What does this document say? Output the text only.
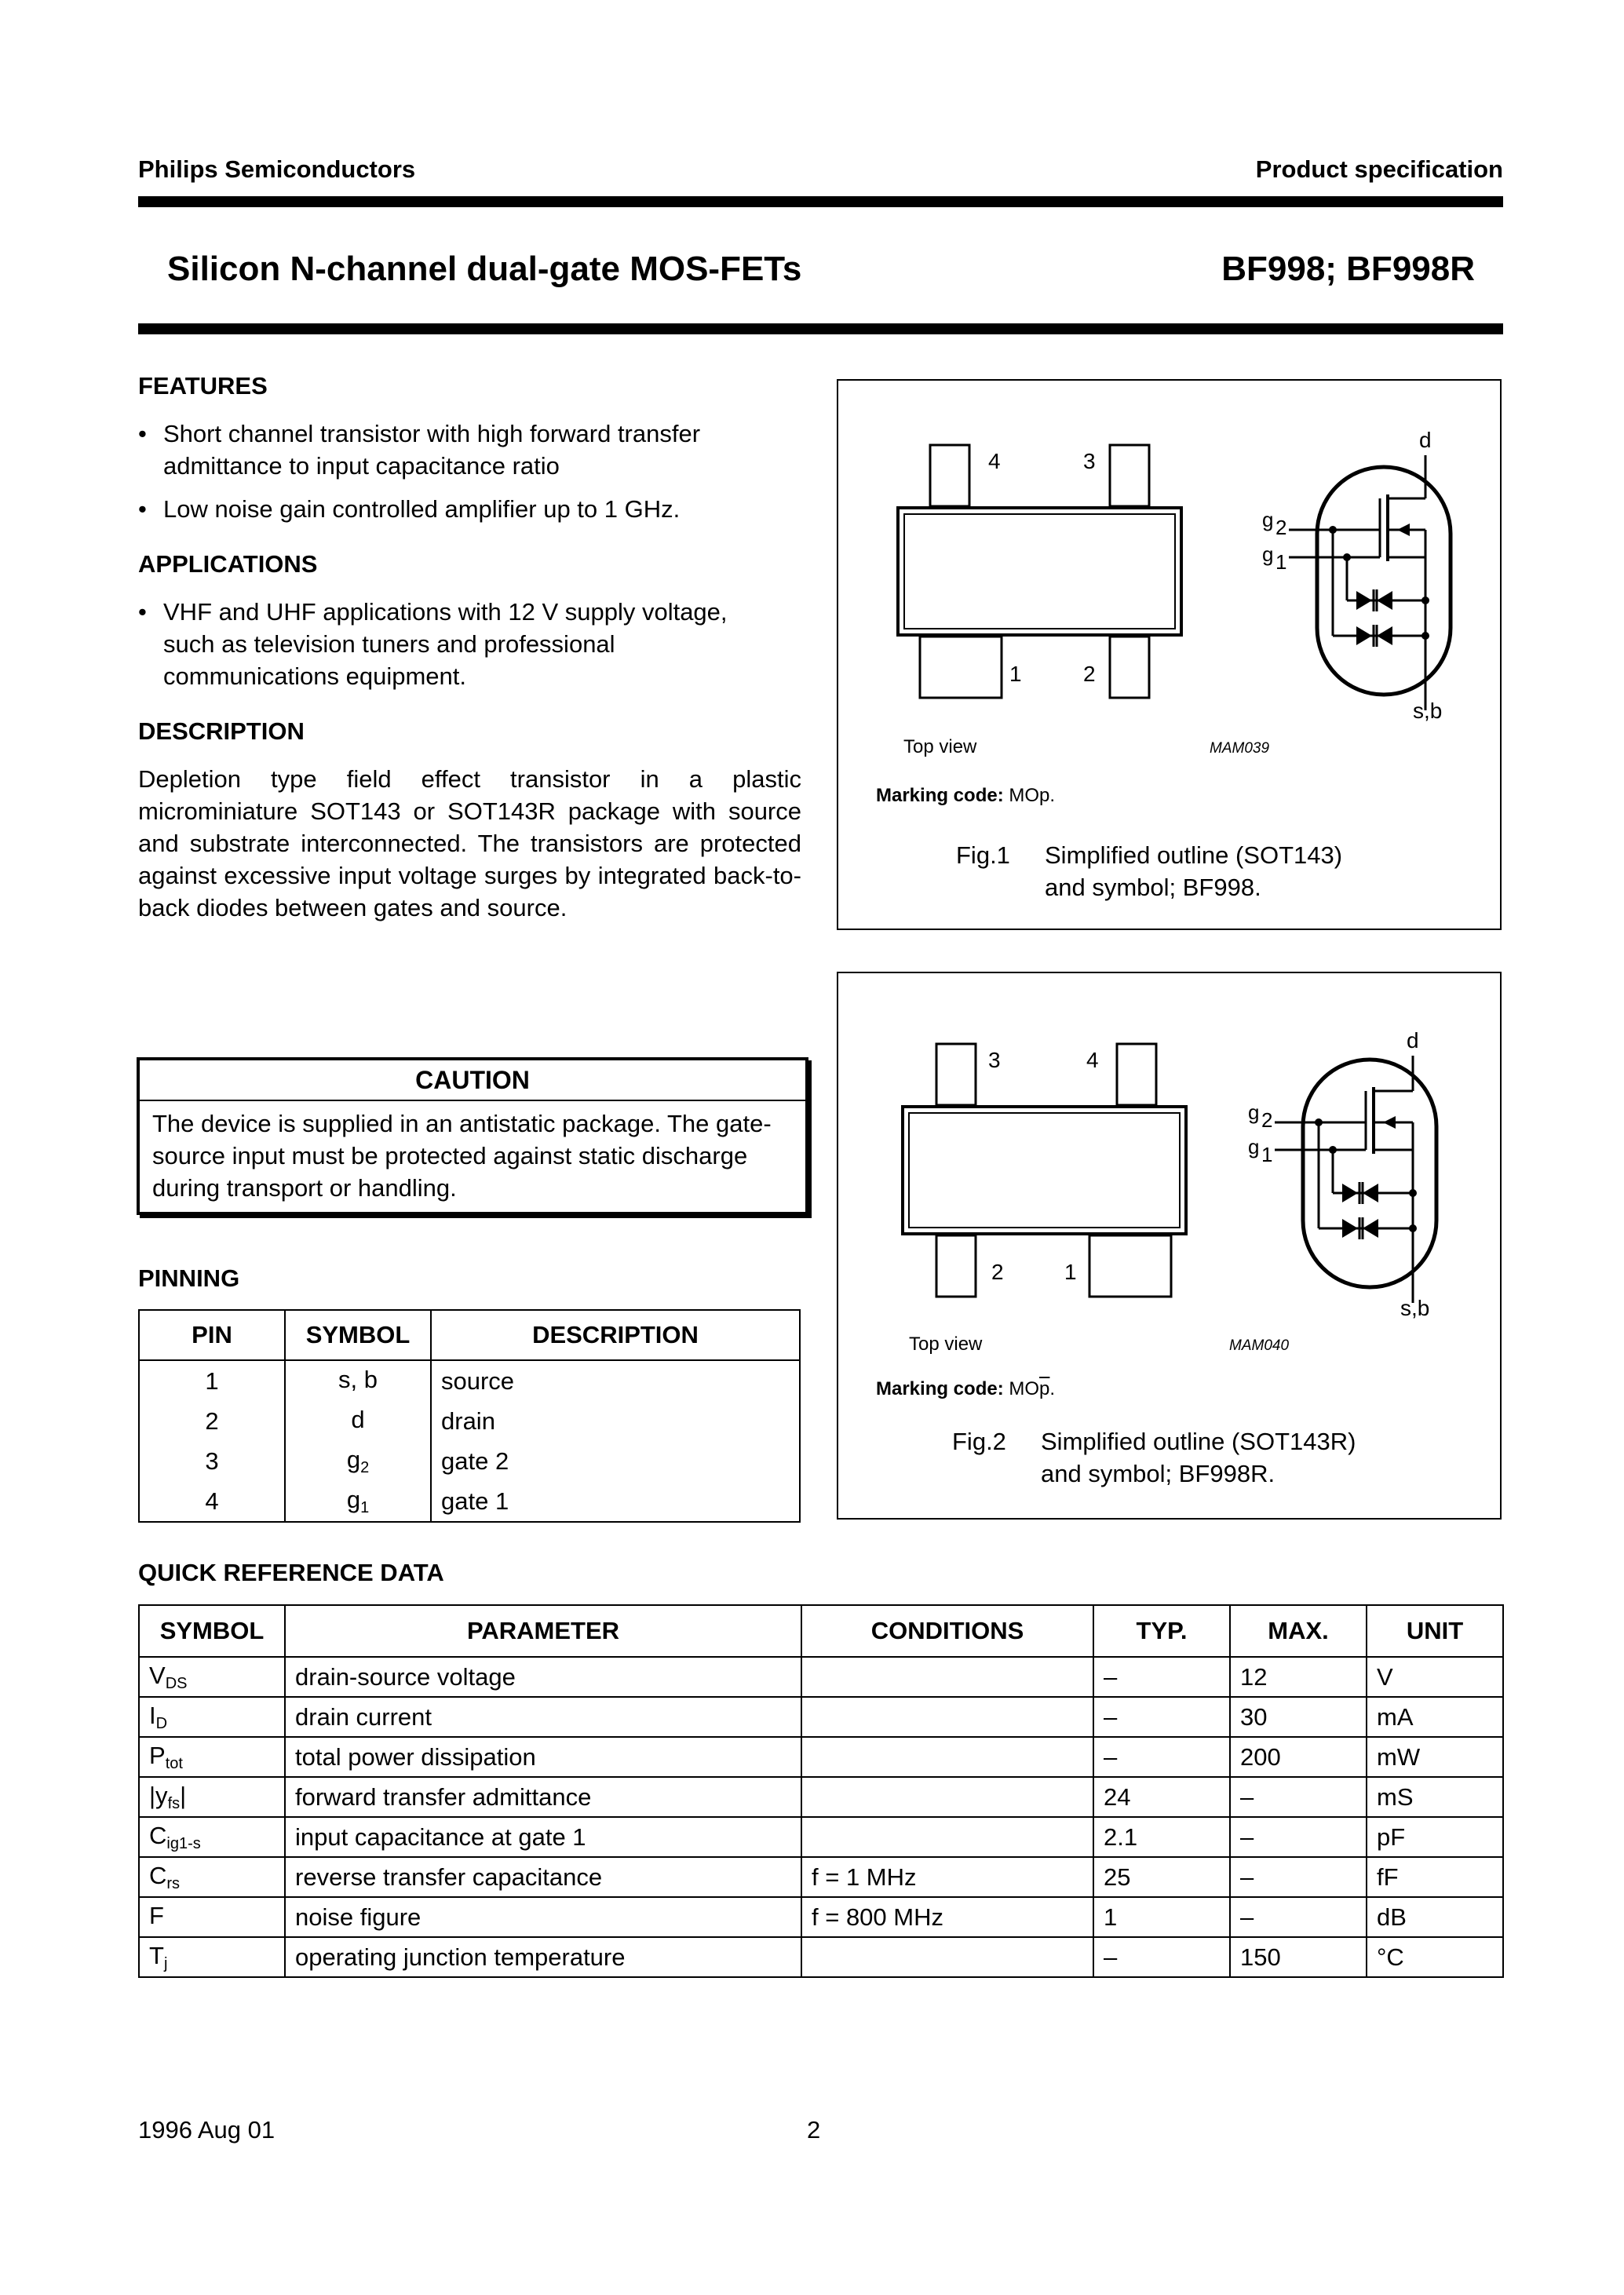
Philips Semiconductors	Product specification
Silicon N-channel dual-gate MOS-FETs	BF998; BF998R
FEATURES
• Short channel transistor with high forward transfer admittance to input capacitance ratio
• Low noise gain controlled amplifier up to 1 GHz.
APPLICATIONS
• VHF and UHF applications with 12 V supply voltage, such as television tuners and professional communications equipment.
DESCRIPTION
Depletion type field effect transistor in a plastic microminiature SOT143 or SOT143R package with source and substrate interconnected. The transistors are protected against excessive input voltage surges by integrated back-to-back diodes between gates and source.
CAUTION
The device is supplied in an antistatic package. The gate-source input must be protected against static discharge during transport or handling.
PINNING
PIN	SYMBOL	DESCRIPTION
1	s, b	source
2	d	drain
3	$g_2$	gate 2
4	$g_1$	gate 1
4	3
1	2
Top view	MAM039
d
g 2
g 1
s,b
Marking code: MOp.
Fig.1 Simplified outline (SOT143)
and symbol; BF998.
3	4
2	1
Top view	MAM040
d
g 2
g 1
s,b
Marking code: $MO\overline{p}$.
Fig.2 Simplified outline (SOT143R)
and symbol; BF998R.
QUICK REFERENCE DATA
SYMBOL	PARAMETER	CONDITIONS	TYP.	MAX.	UNIT
$V_{DS}$	drain-source voltage		–	12	V
$I_D$	drain current		–	30	mA
$P_{tot}$	total power dissipation		–	200	mW
$|y_{fs}|$	forward transfer admittance		24	–	mS
$C_{ig1-s}$	input capacitance at gate 1		2.1	–	pF
$C_{rs}$	reverse transfer capacitance	f = 1 MHz	25	–	fF
F	noise figure	f = 800 MHz	1	–	dB
$T_j$	operating junction temperature		–	150	°C
1996 Aug 01	2
